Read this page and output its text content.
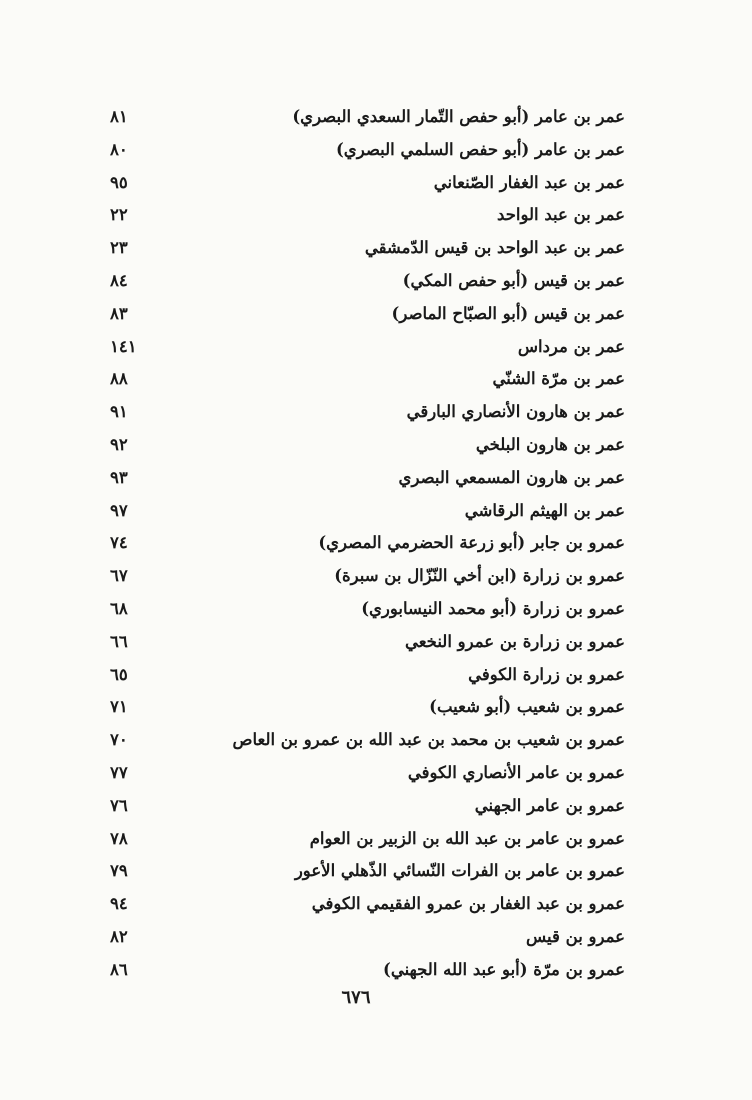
عمر بن عامر (أبو حفص التّمار السعدي البصري)
٨١
عمر بن عامر (أبو حفص السلمي البصري)
٨٠
عمر بن عبد الغفار الصّنعاني
٩٥
عمر بن عبد الواحد
٢٢
عمر بن عبد الواحد بن قيس الدّمشقي
٢٣
عمر بن قيس (أبو حفص المكي)
٨٤
عمر بن قيس (أبو الصبّاح الماصر)
٨٣
عمر بن مرداس
١٤١
عمر بن مرّة الشنّي
٨٨
عمر بن هارون الأنصاري البارقي
٩١
عمر بن هارون البلخي
٩٢
عمر بن هارون المسمعي البصري
٩٣
عمر بن الهيثم الرقاشي
٩٧
عمرو بن جابر (أبو زرعة الحضرمي المصري)
٧٤
عمرو بن زرارة (ابن أخي النّزّال بن سبرة)
٦٧
عمرو بن زرارة (أبو محمد النيسابوري)
٦٨
عمرو بن زرارة بن عمرو النخعي
٦٦
عمرو بن زرارة الكوفي
٦٥
عمرو بن شعيب (أبو شعيب)
٧١
عمرو بن شعيب بن محمد بن عبد الله بن عمرو بن العاص
٧٠
عمرو بن عامر الأنصاري الكوفي
٧٧
عمرو بن عامر الجهني
٧٦
عمرو بن عامر بن عبد الله بن الزبير بن العوام
٧٨
عمرو بن عامر بن الفرات النّسائي الذّهلي الأعور
٧٩
عمرو بن عبد الغفار بن عمرو الفقيمي الكوفي
٩٤
عمرو بن قيس
٨٢
عمرو بن مرّة (أبو عبد الله الجهني)
٨٦
٦٧٦
